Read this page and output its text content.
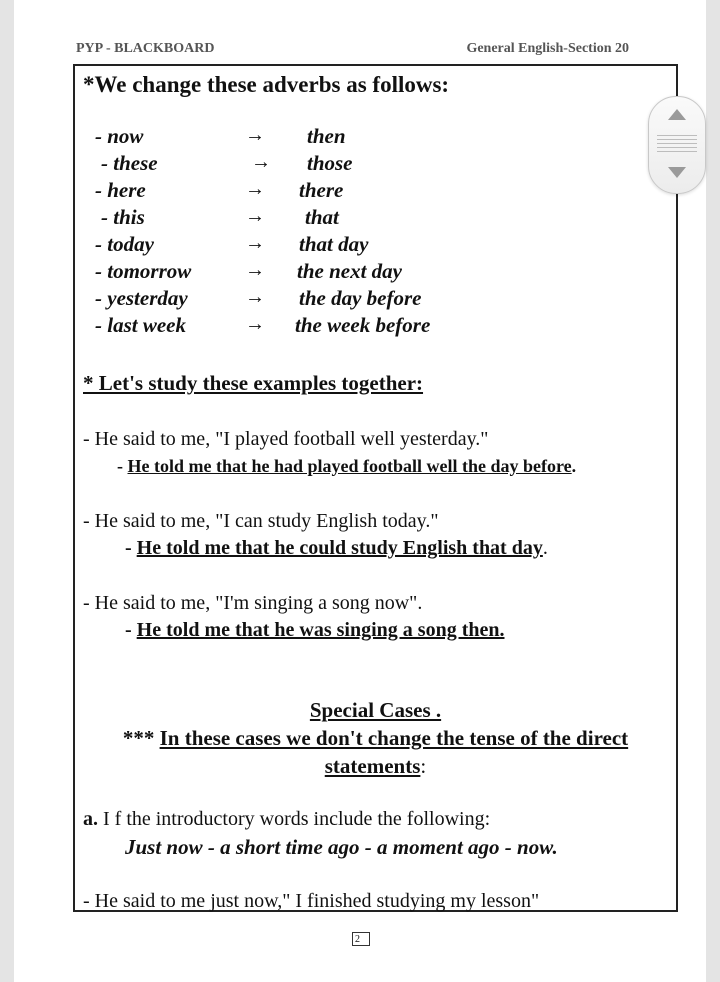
PYP - BLACKBOARD	General English-Section 20
*We change these adverbs as follows:
- now	→ then
- these	→ those
- here	→ there
- this	→ that
- today	→ that day
- tomorrow	→ the next day
- yesterday	→ the day before
- last week	→ the week before
* Let's study these examples together:
- He said to me, "I played football well yesterday."
- He told me that he had played football well the day before.
- He said to me, "I can study English today."
- He told me that he could study English that day.
- He said to me, "I'm singing a song now".
- He told me that he was singing a song then.
Special Cases .
*** In these cases we don't change the tense of the direct
statements:
a. I f the introductory words include the following:
Just now - a short time ago - a moment ago - now.
- He said to me just now," I finished studying my lesson"
2
